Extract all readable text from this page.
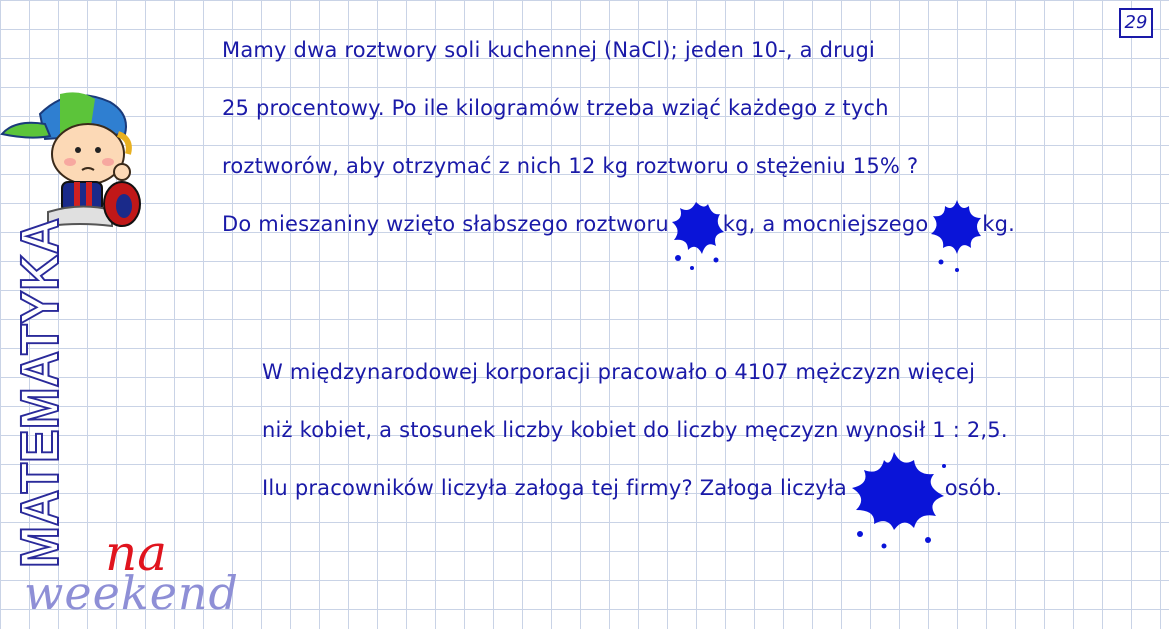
29
MATEMATYKA na
weekend
Mamy dwa roztwory soli kuchennej (NaCl); jeden 10-, a drugi
25 procentowy. Po ile kilogramów trzeba wziąć każdego z tych
roztworów, aby otrzymać z nich 12 kg roztworu o stężeniu 15% ?
Do mieszaniny wzięto słabszego roztworu	kg, a mocniejszego	kg.
W międzynarodowej korporacji pracowało o 4107 mężczyzn więcej
niż kobiet, a stosunek liczby kobiet do liczby męczyzn wynosił 1 : 2,5.
Ilu pracowników liczyła załoga tej firmy? Załoga liczyła	osób.
